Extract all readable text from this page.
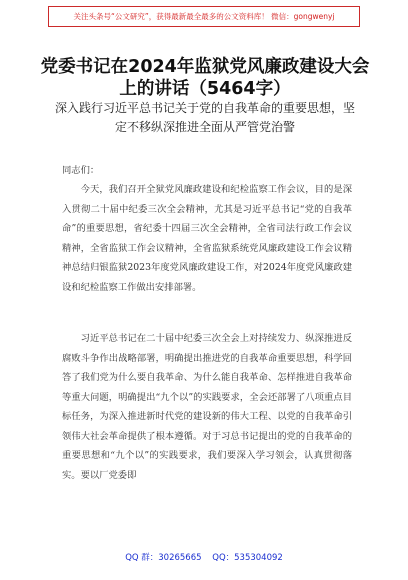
关注头条号“公文研究”，获得最新最全最多的公文资料库！ 微信：gongwenyj
党委书记在2024年监狱党风廉政建设大会上的讲话（5464字）
深入践行习近平总书记关于党的自我革命的重要思想，坚定不移纵深推进全面从严管党治警
同志们：
今天，我们召开全狱党风廉政建设和纪检监察工作会议，目的是深入贯彻二十届中纪委三次全会精神，尤其是习近平总书记“党的自我革命”的重要思想，省纪委十四届三次全会精神，全省司法行政工作会议精神，全省监狱工作会议精神，全省监狱系统党风廉政建设工作会议精神总结归银监狱2023年度党风廉政建设工作，对2024年度党风廉政建设和纪检监察工作做出安排部署。
习近平总书记在二十届中纪委三次全会上对持续发力、纵深推进反腐败斗争作出战略部署，明确提出推进党的自我革命重要思想，科学回答了我们党为什么要自我革命、为什么能自我革命、怎样推进自我革命等重大问题，明确提出“九个以”的实践要求，全会还部署了八项重点目标任务，为深入推进新时代党的建设新的伟大工程、以党的自我革命引领伟大社会革命提供了根本遵循。对于习总书记提出的党的自我革命的重要思想和“九个以”的实践要求，我们要深入学习领会，认真贯彻落实。要以厂党委即
QQ 群：30265665 QQ：535304092
